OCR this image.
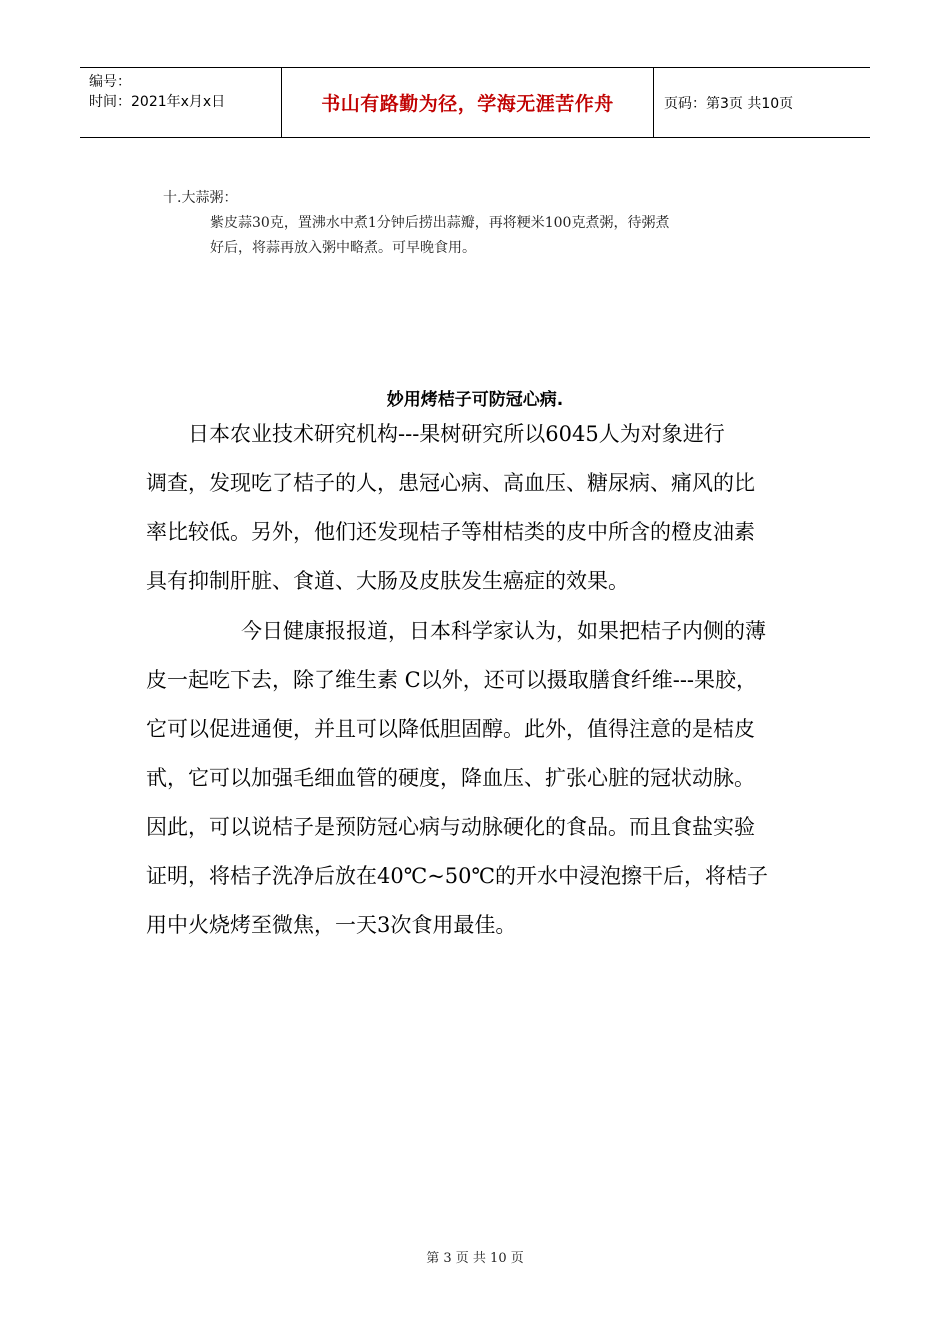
编号：
时间：2021年x月x日	书山有路勤为径，学海无涯苦作舟	页码：第3页 共10页
十.大蒜粥：
紫皮蒜30克，置沸水中煮1分钟后捞出蒜瓣，再将粳米100克煮粥，待粥煮
好后，将蒜再放入粥中略煮。可早晚食用。
妙用烤桔子可防冠心病.

日本农业技术研究机构---果树研究所以6045人为对象进行
调查，发现吃了桔子的人，患冠心病、高血压、糖尿病、痛风的比
率比较低。另外，他们还发现桔子等柑桔类的皮中所含的橙皮油素
具有抑制肝脏、食道、大肠及皮肤发生癌症的效果。

今日健康报报道，日本科学家认为，如果把桔子内侧的薄
皮一起吃下去，除了维生素 C以外，还可以摄取膳食纤维---果胶，
它可以促进通便，并且可以降低胆固醇。此外，值得注意的是桔皮
甙，它可以加强毛细血管的硬度，降血压、扩张心脏的冠状动脉。
因此，可以说桔子是预防冠心病与动脉硬化的食品。而且食盐实验
证明，将桔子洗净后放在40℃~50℃的开水中浸泡擦干后，将桔子
用中火烧烤至微焦，一天3次食用最佳。

第 3 页 共 10 页
